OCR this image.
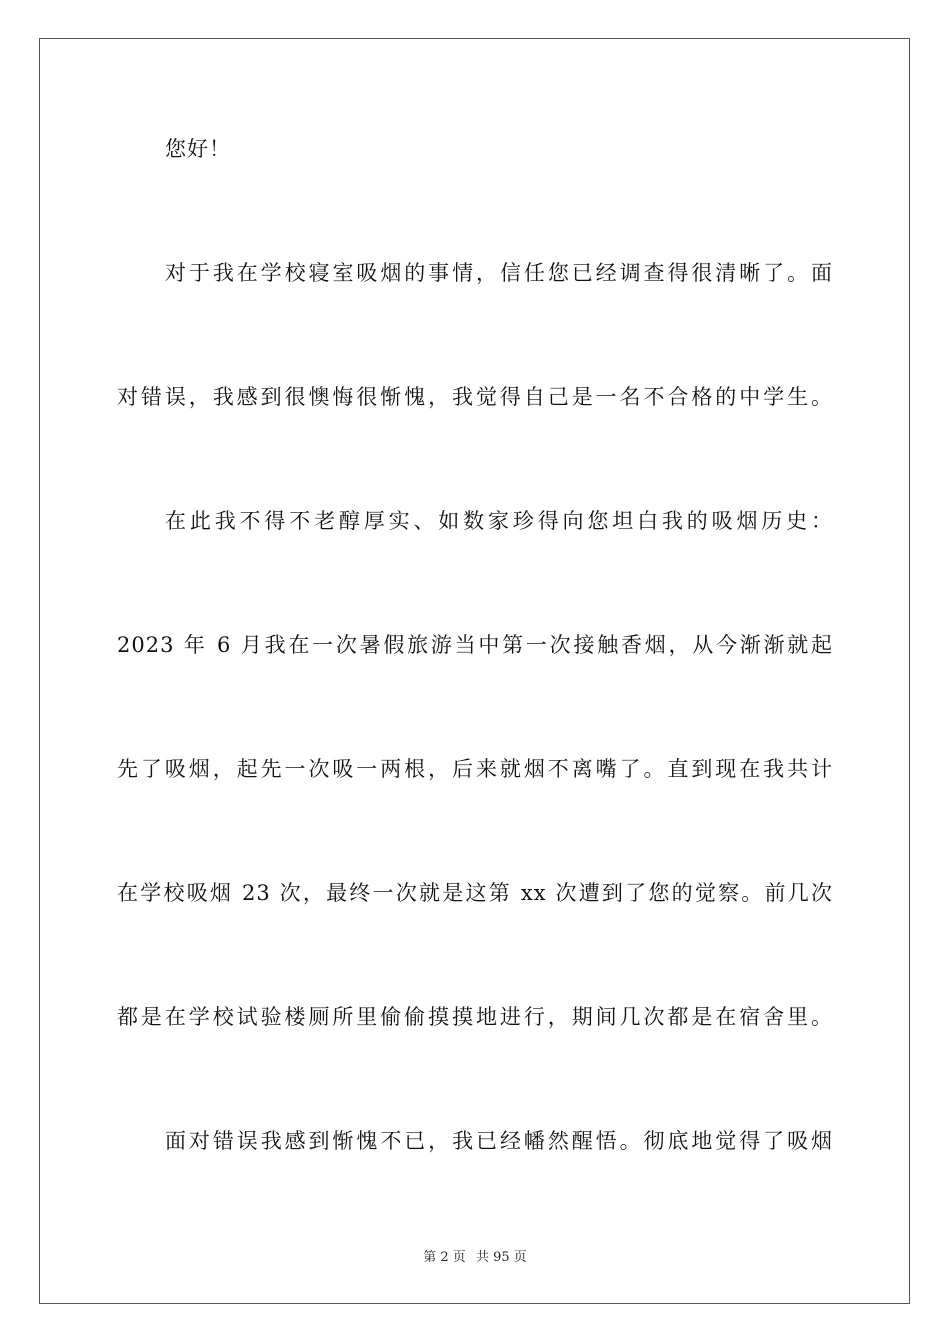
您好！
对于我在学校寝室吸烟的事情，信任您已经调查得很清晰了。面
对错误，我感到很懊悔很惭愧，我觉得自己是一名不合格的中学生。
在此我不得不老醇厚实、如数家珍得向您坦白我的吸烟历史：
2023 年 6 月我在一次暑假旅游当中第一次接触香烟，从今渐渐就起
先了吸烟，起先一次吸一两根，后来就烟不离嘴了。直到现在我共计
在学校吸烟 23 次，最终一次就是这第 xx 次遭到了您的觉察。前几次
都是在学校试验楼厕所里偷偷摸摸地进行，期间几次都是在宿舍里。
面对错误我感到惭愧不已，我已经幡然醒悟。彻底地觉得了吸烟
第 2 页 共 95 页
